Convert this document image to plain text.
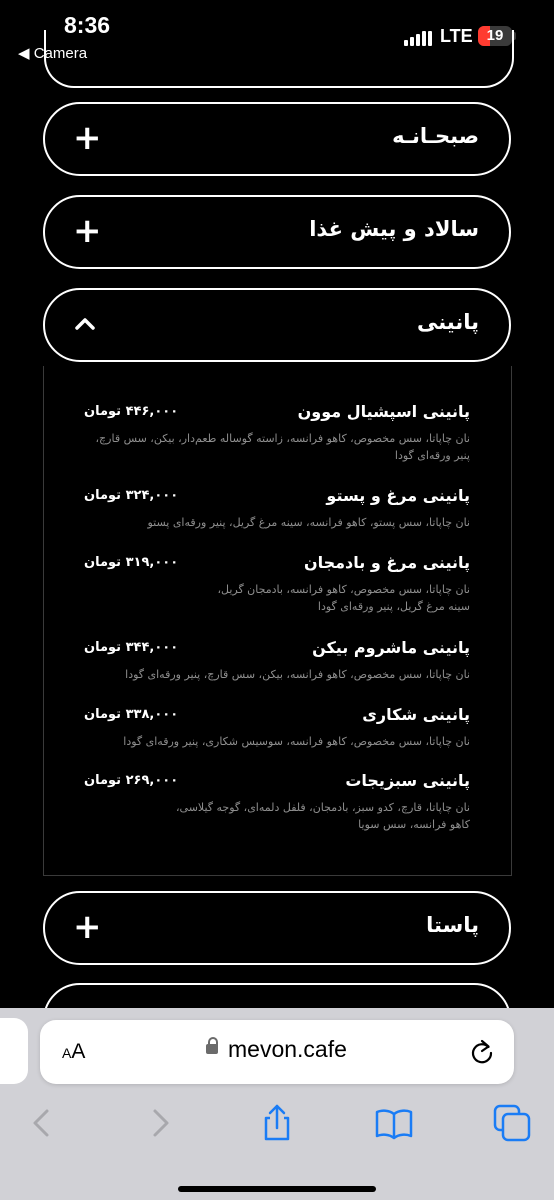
8:36
◀ Camera
LTE 19
صبحـانـه
+
سالاد و پیش غذا
+
پانینی
پانینی اسپشیال موون
۴۴۶,۰۰۰ تومان
نان چاپاتا، سس مخصوص، کاهو فرانسه، زاسته گوساله طعم‌دار، بیکن، سس قارچ، پنیر ورقه‌ای گودا
پانینی مرغ و پستو
۳۲۴,۰۰۰ تومان
نان چاپاتا، سس پستو، کاهو فرانسه، سینه مرغ گریل، پنیر ورقه‌ای پستو
پانینی مرغ و بادمجان
۳۱۹,۰۰۰ تومان
نان چاپاتا، سس مخصوص، کاهو فرانسه، بادمجان گریل، سینه مرغ گریل، پنیر ورقه‌ای گودا
پانینی ماشروم بیکن
۳۴۴,۰۰۰ تومان
نان چاپاتا، سس مخصوص، کاهو فرانسه، بیکن، سس قارچ، پنیر ورقه‌ای گودا
پانینی شکاری
۳۳۸,۰۰۰ تومان
نان چاپاتا، سس مخصوص، کاهو فرانسه، سوسیس شکاری، پنیر ورقه‌ای گودا
پانینی سبزیجات
۲۶۹,۰۰۰ تومان
نان چاپاتا، قارچ، کدو سبز، بادمجان، فلفل دلمه‌ای، گوجه گیلاسی، کاهو فرانسه، سس سویا
پاستا
+
AA	mevon.cafe
